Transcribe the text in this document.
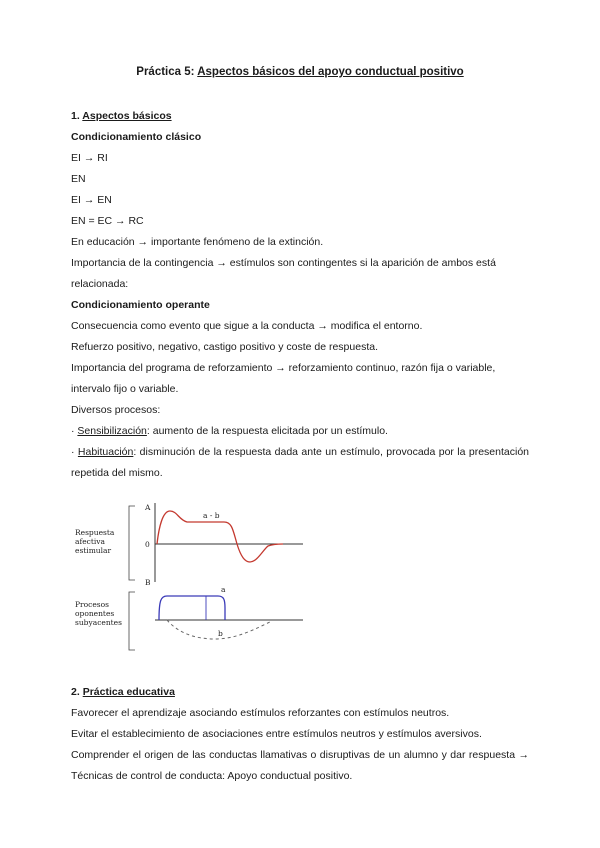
Práctica 5: Aspectos básicos del apoyo conductual positivo

1. Aspectos básicos

Condicionamiento clásico

EI → RI

EN

EI → EN

EN = EC → RC

En educación → importante fenómeno de la extinción.

Importancia de la contingencia → estímulos son contingentes si la aparición de ambos está relacionada:

Condicionamiento operante

Consecuencia como evento que sigue a la conducta → modifica el entorno.

Refuerzo positivo, negativo, castigo positivo y coste de respuesta.

Importancia del programa de reforzamiento → reforzamiento continuo, razón fija o variable, intervalo fijo o variable.

Diversos procesos:

· Sensibilización: aumento de la respuesta elicitada por un estímulo.

· Habituación: disminución de la respuesta dada ante un estímulo, provocada por la presentación repetida del mismo.

Respuesta afectiva estimular
Procesos oponentes subyacentes
A
0
B
a - b
a
b

2. Práctica educativa

Favorecer el aprendizaje asociando estímulos reforzantes con estímulos neutros.

Evitar el establecimiento de asociaciones entre estímulos neutros y estímulos aversivos.

Comprender el origen de las conductas llamativas o disruptivas de un alumno y dar respuesta → Técnicas de control de conducta: Apoyo conductual positivo.
